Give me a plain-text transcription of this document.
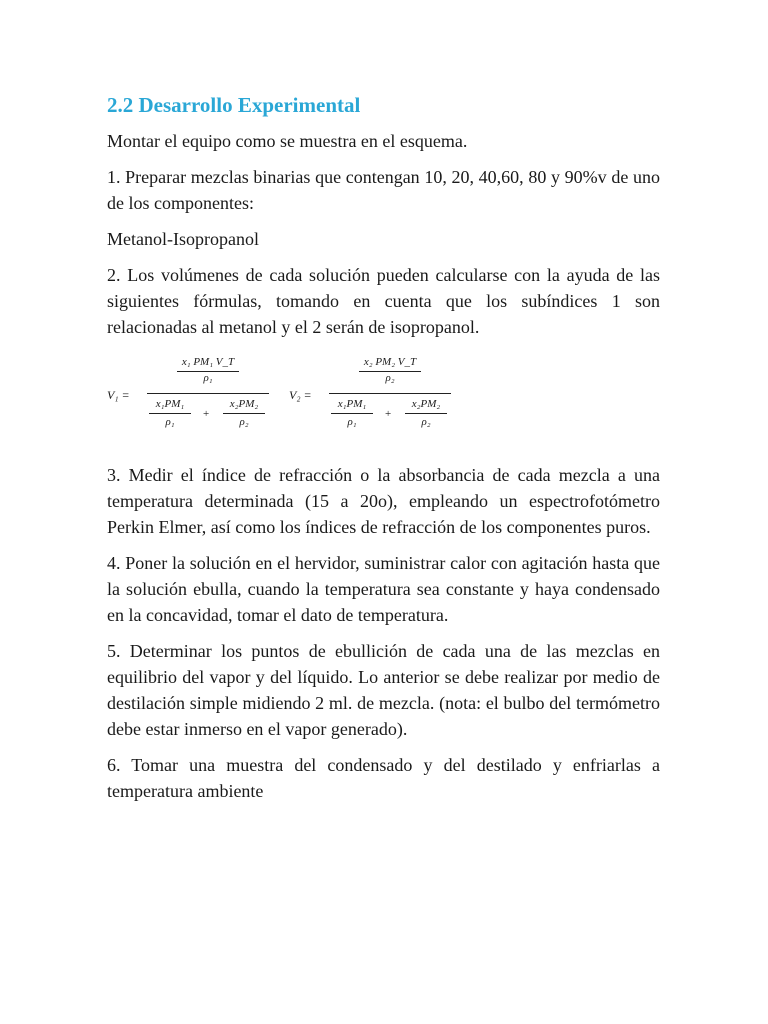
2.2 Desarrollo Experimental

Montar el equipo como se muestra en el esquema.

1. Preparar mezclas binarias que contengan 10, 20, 40,60, 80 y 90%v de uno de los componentes:

Metanol-Isopropanol

2. Los volúmenes de cada solución pueden calcularse con la ayuda de las siguientes fórmulas, tomando en cuenta que los subíndices 1 son relacionadas al metanol y el 2 serán de isopropanol.

V₁ =
x₁ PM₁ V_T
ρ₁
x₁PM₁
ρ₁
+
x₂PM₂
ρ₂
V₂ =
x₂ PM₂ V_T
ρ₂
x₁PM₁
ρ₁
+
x₂PM₂
ρ₂

3. Medir el índice de refracción o la absorbancia de cada mezcla a una temperatura determinada (15 a 20o), empleando un espectrofotómetro Perkin Elmer, así como los índices de refracción de los componentes puros.

4. Poner la solución en el hervidor, suministrar calor con agitación hasta que la solución ebulla, cuando la temperatura sea constante y haya condensado en la concavidad, tomar el dato de temperatura.

5. Determinar los puntos de ebullición de cada una de las mezclas en equilibrio del vapor y del líquido. Lo anterior se debe realizar por medio de destilación simple midiendo 2 ml. de mezcla. (nota: el bulbo del termómetro debe estar inmerso en el vapor generado).

6. Tomar una muestra del condensado y del destilado y enfriarlas a temperatura ambiente
